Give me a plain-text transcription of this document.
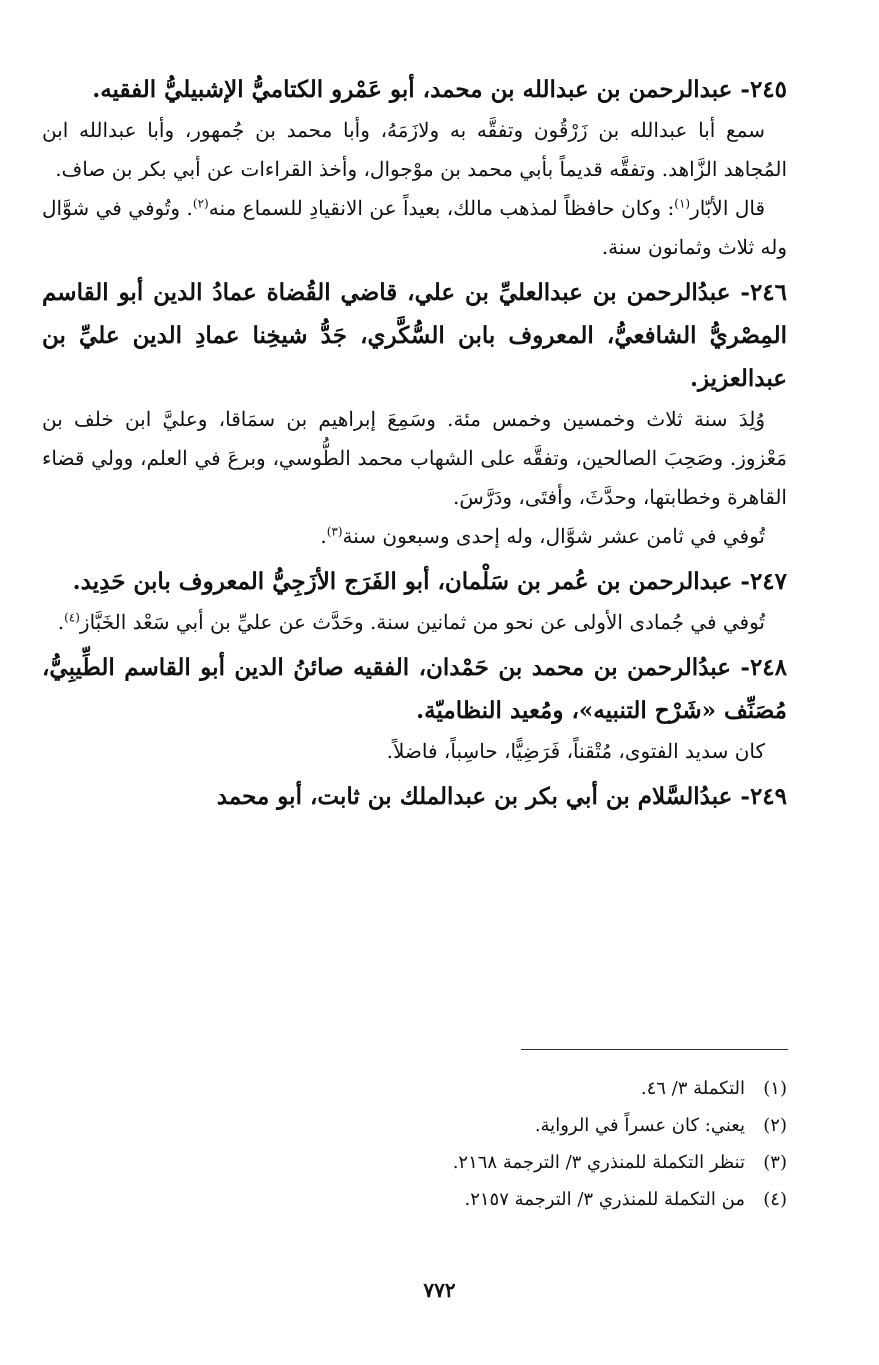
٢٤٥- عبدالرحمن بن عبدالله بن محمد، أبو عَمْرو الكتاميُّ الإشبيليُّ الفقيه.

سمع أبا عبدالله بن زَرْقُون وتفقَّه به ولازَمَهُ، وأبا محمد بن جُمهور، وأبا عبدالله ابن المُجاهد الزَّاهد. وتفقَّه قديماً بأبي محمد بن موْجوال، وأخذ القراءات عن أبي بكر بن صاف.

قال الأبّار$^{(١)}$: وكان حافظاً لمذهب مالك، بعيداً عن الانقيادِ للسماع منه$^{(٢)}$. وتُوفي في شوَّال وله ثلاث وثمانون سنة.

٢٤٦- عبدُالرحمن بن عبدالعليِّ بن علي، قاضي القُضاة عمادُ الدين أبو القاسم المِصْريُّ الشافعيُّ، المعروف بابن السُّكَّري، جَدُّ شيخِنا عمادِ الدين عليِّ بن عبدالعزيز.

وُلِدَ سنة ثلاث وخمسين وخمس مئة. وسَمِعَ إبراهيم بن سمَاقا، وعليَّ ابن خلف بن مَعْزوز. وصَحِبَ الصالحين، وتفقَّه على الشهاب محمد الطُّوسي، وبرعَ في العلم، وولي قضاء القاهرة وخطابتها، وحدَّثَ، وأفتَى، ودَرَّسَ.

تُوفي في ثامن عشر شوَّال، وله إحدى وسبعون سنة$^{(٣)}$.

٢٤٧- عبدالرحمن بن عُمر بن سَلْمان، أبو الفَرَج الأزَجِيُّ المعروف بابن حَدِيد.

تُوفي في جُمادى الأولى عن نحو من ثمانين سنة. وحَدَّث عن عليِّ بن أبي سَعْد الخَبَّاز$^{(٤)}$.

٢٤٨- عبدُالرحمن بن محمد بن حَمْدان، الفقيه صائنُ الدين أبو القاسم الطِّيبِيُّ، مُصَنِّف «شَرْح التنبيه»، ومُعيد النظاميّة.

كان سديد الفتوى، مُتْقناً، فَرَضِيًّا، حاسِباً، فاضلاً.

٢٤٩- عبدُالسَّلام بن أبي بكر بن عبدالملك بن ثابت، أبو محمد

(١)التكملة ٣/ ٤٦.
(٢)يعني: كان عسراً في الرواية.
(٣)تنظر التكملة للمنذري ٣/ الترجمة ٢١٦٨.
(٤)من التكملة للمنذري ٣/ الترجمة ٢١٥٧.
٧٧٢
